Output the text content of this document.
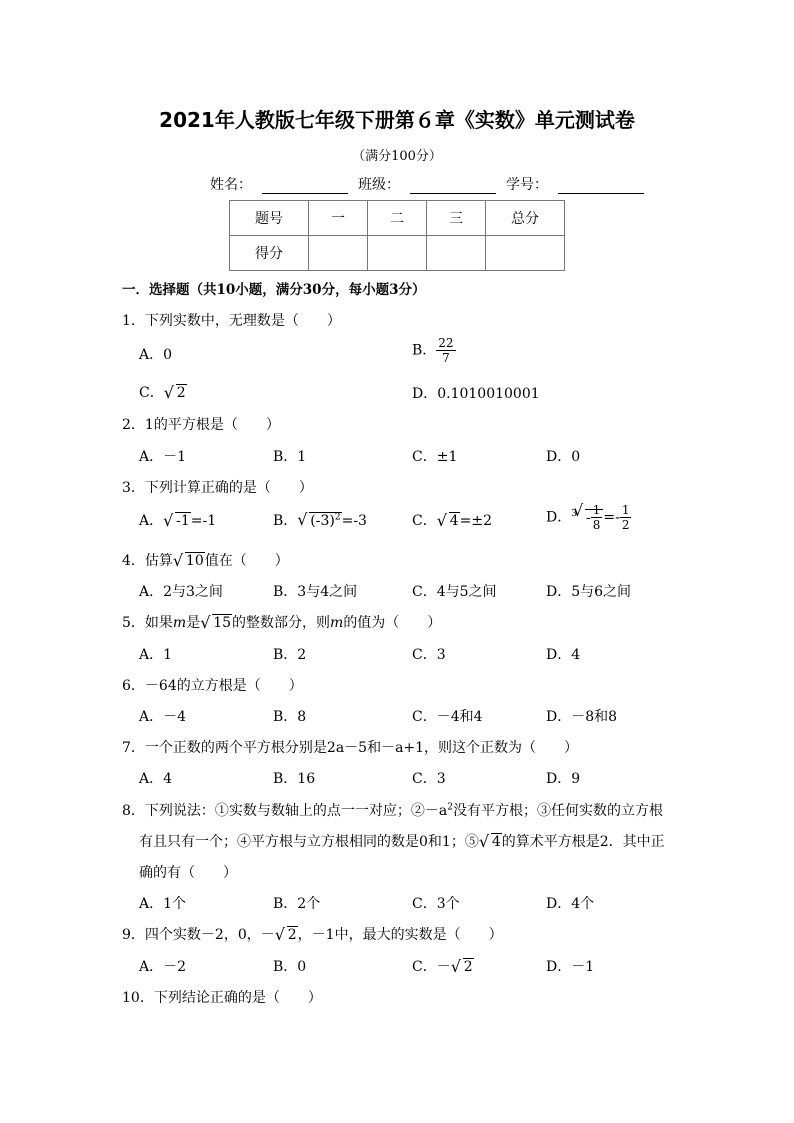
2021年人教版七年级下册第６章《实数》单元测试卷
（满分100分）
姓名：	班级：	学号：
题号	一	二	三	总分
得分				
一．选择题（共10小题，满分30分，每小题3分）
1．下列实数中，无理数是（　　）
A．0	B． $\frac{22}{7}$
C． √ 2	D．0.1010010001
2．1的平方根是（　　）
A．－1	B．1	C．±1	D．0
3．下列计算正确的是（　　）
A． √ -1=-1	B． √ $(-3)^2=-3$	C． √ 4=±2	D．$^3$ √ - $\frac{1}{8} =- \frac{1}{2}$
4．估算 √ 10值在（　　）
A．2与3之间	B．3与4之间	C．4与5之间	D．5与6之间
5．如果m是 √ 15的整数部分，则m的值为（　　）
A．1	B．2	C．3	D．4
6．－64的立方根是（　　）
A．－4	B．8	C．－4和4	D．－8和8
7．一个正数的两个平方根分别是2a－5和－a+1，则这个正数为（　　）
A．4	B．16	C．3	D．9
8．下列说法：①实数与数轴上的点一一对应；$②-a^2$没有平方根；③任何实数的立方根
有且只有一个；④平方根与立方根相同的数是0和1；⑤ √ 4的算术平方根是2．其中正
确的有（　　）
A．1个	B．2个	C．3个	D．4个
9．四个实数－2，0，－ √ 2，－1中，最大的实数是（　　）
A．－2	B．0	C．－ √ 2	D．－1
10．下列结论正确的是（　　）
